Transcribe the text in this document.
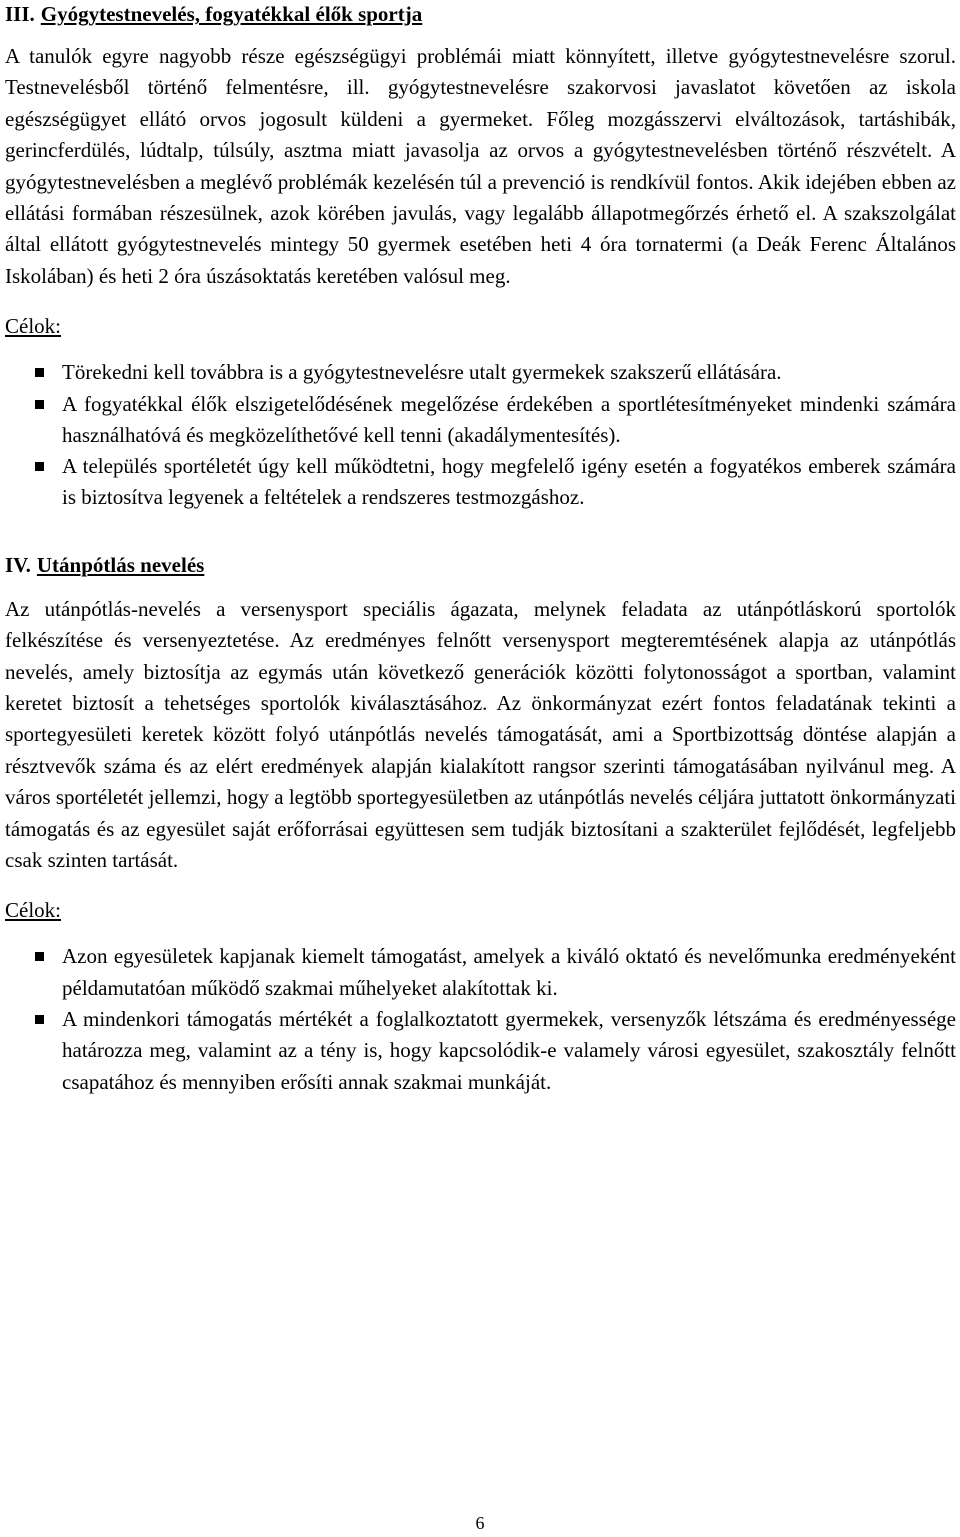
III. Gyógytestnevelés, fogyatékkal élők sportja

A tanulók egyre nagyobb része egészségügyi problémái miatt könnyített, illetve gyógytestnevelésre szorul. Testnevelésből történő felmentésre, ill. gyógytestnevelésre szakorvosi javaslatot követően az iskola egészségügyet ellátó orvos jogosult küldeni a gyermeket. Főleg mozgásszervi elváltozások, tartáshibák, gerincferdülés, lúdtalp, túlsúly, asztma miatt javasolja az orvos a gyógytestnevelésben történő részvételt. A gyógytestnevelésben a meglévő problémák kezelésén túl a prevenció is rendkívül fontos. Akik idejében ebben az ellátási formában részesülnek, azok körében javulás, vagy legalább állapotmegőrzés érhető el. A szakszolgálat által ellátott gyógytestnevelés mintegy 50 gyermek esetében heti 4 óra tornatermi (a Deák Ferenc Általános Iskolában) és heti 2 óra úszásoktatás keretében valósul meg.

Célok:

Törekedni kell továbbra is a gyógytestnevelésre utalt gyermekek szakszerű ellátására.
A fogyatékkal élők elszigetelődésének megelőzése érdekében a sportlétesítményeket mindenki számára használhatóvá és megközelíthetővé kell tenni (akadálymentesítés).
A település sportéletét úgy kell működtetni, hogy megfelelő igény esetén a fogyatékos emberek számára is biztosítva legyenek a feltételek a rendszeres testmozgáshoz.
IV. Utánpótlás nevelés

Az utánpótlás-nevelés a versenysport speciális ágazata, melynek feladata az utánpótláskorú sportolók felkészítése és versenyeztetése. Az eredményes felnőtt versenysport megteremtésének alapja az utánpótlás nevelés, amely biztosítja az egymás után következő generációk közötti folytonosságot a sportban, valamint keretet biztosít a tehetséges sportolók kiválasztásához. Az önkormányzat ezért fontos feladatának tekinti a sportegyesületi keretek között folyó utánpótlás nevelés támogatását, ami a Sportbizottság döntése alapján a résztvevők száma és az elért eredmények alapján kialakított rangsor szerinti támogatásában nyilvánul meg. A város sportéletét jellemzi, hogy a legtöbb sportegyesületben az utánpótlás nevelés céljára juttatott önkormányzati támogatás és az egyesület saját erőforrásai együttesen sem tudják biztosítani a szakterület fejlődését, legfeljebb csak szinten tartását.

Célok:

Azon egyesületek kapjanak kiemelt támogatást, amelyek a kiváló oktató és nevelőmunka eredményeként példamutatóan működő szakmai műhelyeket alakítottak ki.
A mindenkori támogatás mértékét a foglalkoztatott gyermekek, versenyzők létszáma és eredményessége határozza meg, valamint az a tény is, hogy kapcsolódik-e valamely városi egyesület, szakosztály felnőtt csapatához és mennyiben erősíti annak szakmai munkáját.
6
